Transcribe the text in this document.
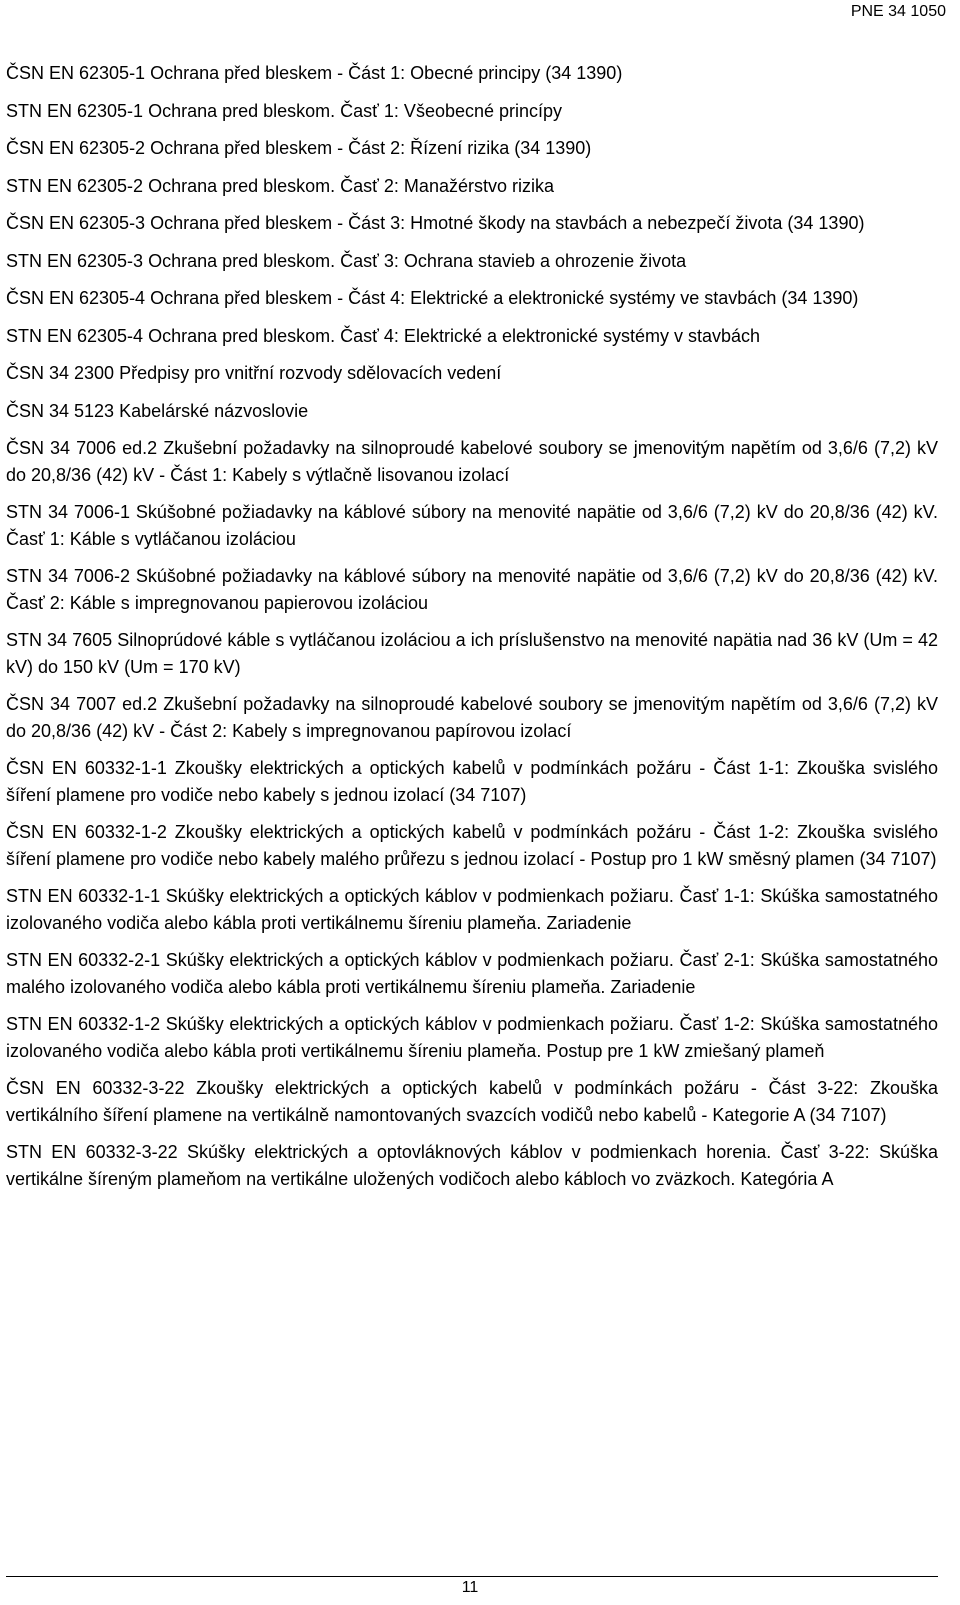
PNE 34 1050

ČSN EN 62305-1 Ochrana před bleskem - Část 1: Obecné principy (34 1390)

STN EN 62305-1 Ochrana pred bleskom. Časť 1: Všeobecné princípy

ČSN EN 62305-2 Ochrana před bleskem - Část 2: Řízení rizika (34 1390)

STN EN 62305-2 Ochrana pred bleskom. Časť 2: Manažérstvo rizika

ČSN EN 62305-3 Ochrana před bleskem - Část 3: Hmotné škody na stavbách a nebezpečí života (34 1390)

STN EN 62305-3 Ochrana pred bleskom. Časť 3: Ochrana stavieb a ohrozenie života

ČSN EN 62305-4 Ochrana před bleskem - Část 4: Elektrické a elektronické systémy ve stavbách (34 1390)

STN EN 62305-4 Ochrana pred bleskom. Časť 4: Elektrické a elektronické systémy v stavbách

ČSN 34 2300 Předpisy pro vnitřní rozvody sdělovacích vedení

ČSN 34 5123 Kabelárské názvoslovie

ČSN 34 7006 ed.2 Zkušební požadavky na silnoproudé kabelové soubory se jmenovitým napětím od 3,6/6 (7,2) kV do 20,8/36 (42) kV - Část 1: Kabely s výtlačně lisovanou izolací

STN 34 7006-1 Skúšobné požiadavky na káblové súbory na menovité napätie od 3,6/6 (7,2) kV do 20,8/36 (42) kV. Časť 1: Káble s vytláčanou izoláciou

STN 34 7006-2 Skúšobné požiadavky na káblové súbory na menovité napätie od 3,6/6 (7,2) kV do 20,8/36 (42) kV. Časť 2: Káble s impregnovanou papierovou izoláciou

STN 34 7605 Silnoprúdové káble s vytláčanou izoláciou a ich príslušenstvo na menovité napätia nad 36 kV (Um = 42 kV) do 150 kV (Um = 170 kV)

ČSN 34 7007 ed.2 Zkušební požadavky na silnoproudé kabelové soubory se jmenovitým napětím od 3,6/6 (7,2) kV do 20,8/36 (42) kV - Část 2: Kabely s impregnovanou papírovou izolací

ČSN EN 60332-1-1 Zkoušky elektrických a optických kabelů v podmínkách požáru - Část 1-1: Zkouška svislého šíření plamene pro vodiče nebo kabely s jednou izolací (34 7107)

ČSN EN 60332-1-2 Zkoušky elektrických a optických kabelů v podmínkách požáru - Část 1-2: Zkouška svislého šíření plamene pro vodiče nebo kabely malého průřezu s jednou izolací - Postup pro 1 kW směsný plamen (34 7107)

STN EN 60332-1-1 Skúšky elektrických a optických káblov v podmienkach požiaru. Časť 1-1: Skúška samostatného izolovaného vodiča alebo kábla proti vertikálnemu šíreniu plameňa. Zariadenie

STN EN 60332-2-1 Skúšky elektrických a optických káblov v podmienkach požiaru. Časť 2-1: Skúška samostatného malého izolovaného vodiča alebo kábla proti vertikálnemu šíreniu plameňa. Zariadenie

STN EN 60332-1-2 Skúšky elektrických a optických káblov v podmienkach požiaru. Časť 1-2: Skúška samostatného izolovaného vodiča alebo kábla proti vertikálnemu šíreniu plameňa. Postup pre 1 kW zmiešaný plameň

ČSN EN 60332-3-22 Zkoušky elektrických a optických kabelů v podmínkách požáru - Část 3-22: Zkouška vertikálního šíření plamene na vertikálně namontovaných svazcích vodičů nebo kabelů - Kategorie A (34 7107)

STN EN 60332-3-22 Skúšky elektrických a optovláknových káblov v podmienkach horenia. Časť 3-22: Skúška vertikálne šíreným plameňom na vertikálne uložených vodičoch alebo kábloch vo zväzkoch. Kategória A

11
